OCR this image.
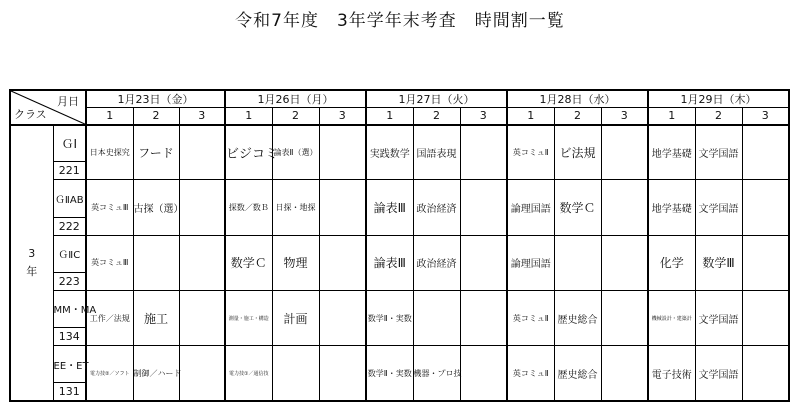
令和7年度　3年学年末考査　時間割一覧
月日
クラス		1月23日（金）			1月26日（月）			1月27日（火）			1月28日（水）			1月29日（木）		
		1	2	3	1	2	3	1	2	3	1	2	3	1	2	3

3
年	ＧⅠ	日本史探究	フード		ビジコミ	論表Ⅱ（選）		実践数学	国語表現		英コミュⅡ	ビ法規		地学基礎	文学国語	
	221															
	ＧⅡAB	英コミュⅢ	古探（選）		探数／数Ｂ	日探・地探		論表Ⅲ	政治経済		論理国語	数学Ｃ		地学基礎	文学国語	
	222															
	ＧⅡC	英コミュⅢ			数学Ｃ	物理		論表Ⅲ	政治経済		論理国語			化学	数学Ⅲ	
	223															
	MM・MA	工作／法規	施工		測量・施工・構造	計画		数学Ⅱ・実数			英コミュⅡ	歴史総合		機械設計・建築計	文学国語	
	134															
	EE・ET	電力技②／ソフト	制御／ハード		電力技①／通信技			数学Ⅱ・実数	機器・プロ技		英コミュⅡ	歴史総合		電子技術	文学国語	
	131															
